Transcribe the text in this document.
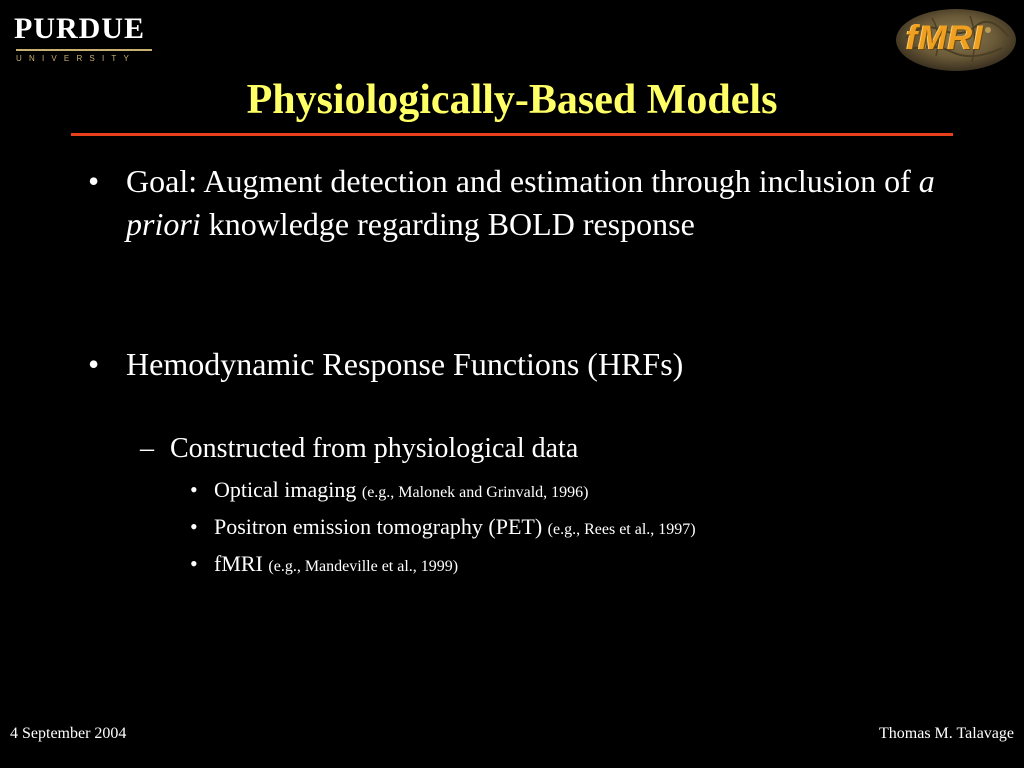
PURDUE
UNIVERSITY
fMRI
Physiologically-Based Models
• Goal: Augment detection and estimation through inclusion of a priori knowledge regarding BOLD response
• Hemodynamic Response Functions (HRFs)
– Constructed from physiological data
• Optical imaging (e.g., Malonek and Grinvald, 1996)
• Positron emission tomography (PET) (e.g., Rees et al., 1997)
• fMRI (e.g., Mandeville et al., 1999)
4 September 2004	Thomas M. Talavage
